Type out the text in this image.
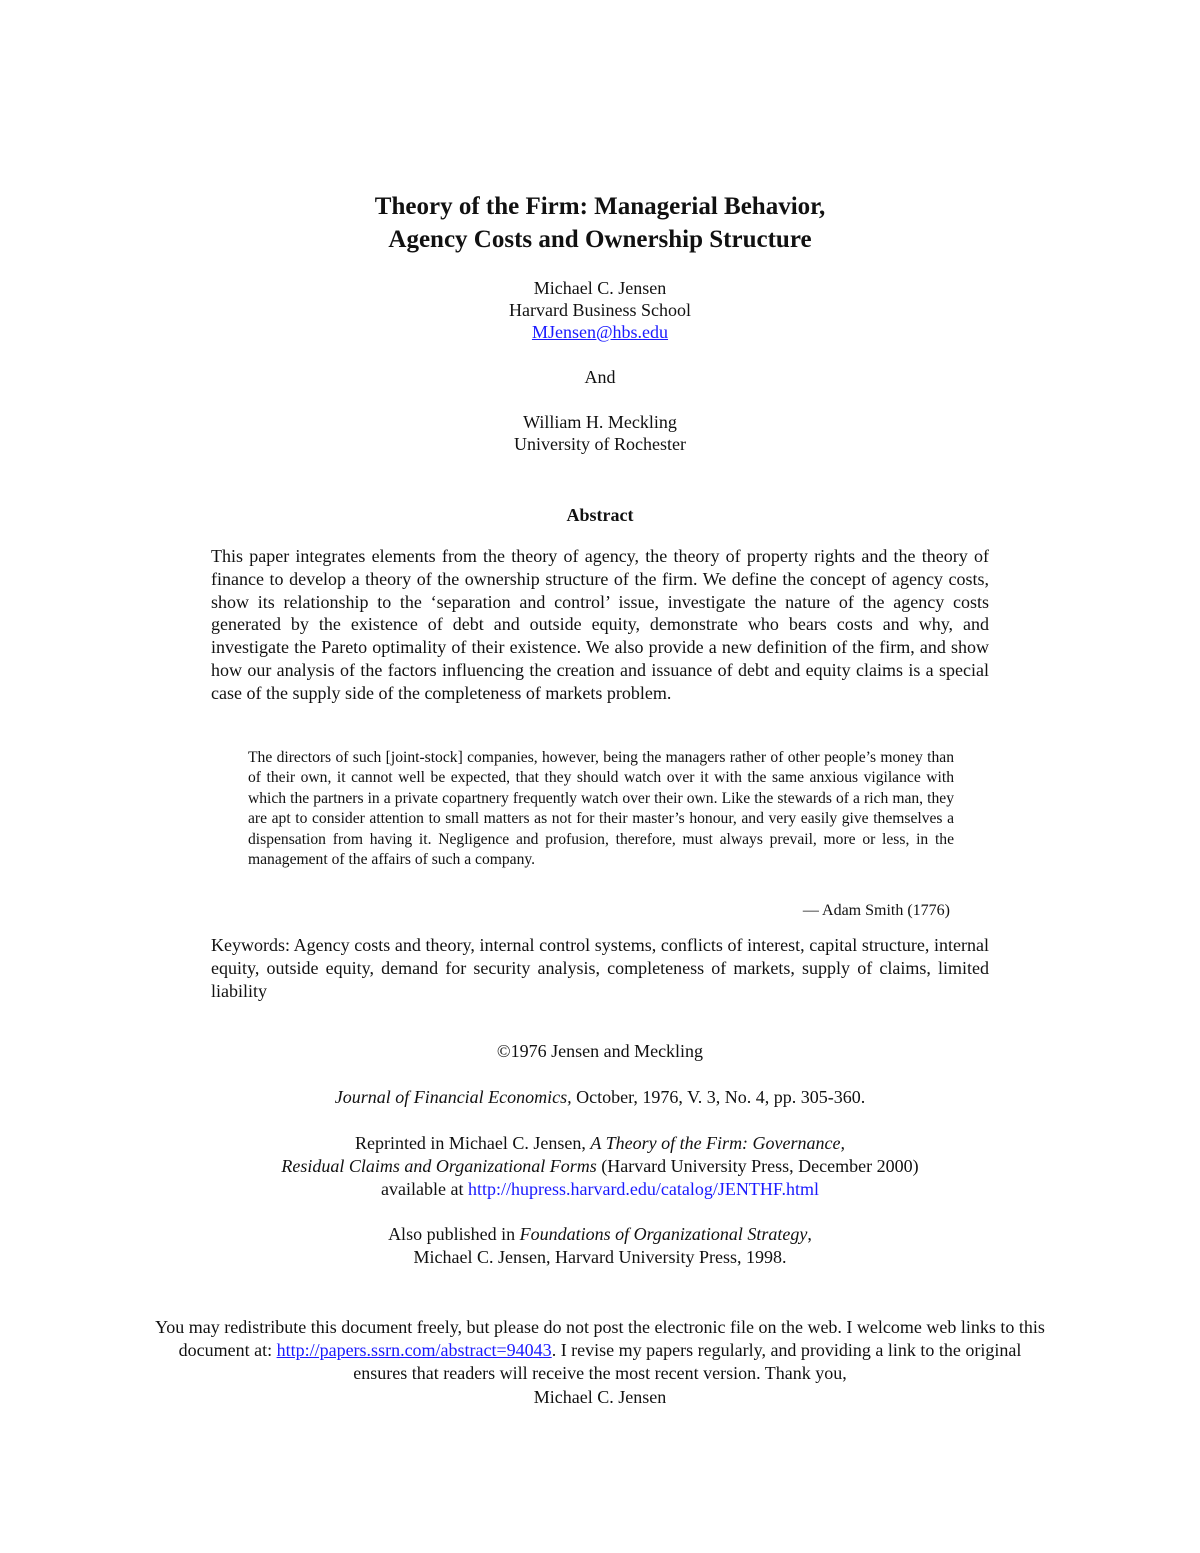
Theory of the Firm: Managerial Behavior,
Agency Costs and Ownership Structure
Michael C. Jensen
Harvard Business School
MJensen@hbs.edu
And
William H. Meckling
University of Rochester
Abstract
This paper integrates elements from the theory of agency, the theory of property rights and the theory of finance to develop a theory of the ownership structure of the firm. We define the concept of agency costs, show its relationship to the ‘separation and control’ issue, investigate the nature of the agency costs generated by the existence of debt and outside equity, demonstrate who bears costs and why, and investigate the Pareto optimality of their existence. We also provide a new definition of the firm, and show how our analysis of the factors influencing the creation and issuance of debt and equity claims is a special case of the supply side of the completeness of markets problem.
The directors of such [joint-stock] companies, however, being the managers rather of other people’s money than of their own, it cannot well be expected, that they should watch over it with the same anxious vigilance with which the partners in a private copartnery frequently watch over their own. Like the stewards of a rich man, they are apt to consider attention to small matters as not for their master’s honour, and very easily give themselves a dispensation from having it. Negligence and profusion, therefore, must always prevail, more or less, in the management of the affairs of such a company.
— Adam Smith (1776)
Keywords: Agency costs and theory, internal control systems, conflicts of interest, capital structure, internal equity, outside equity, demand for security analysis, completeness of markets, supply of claims, limited liability
©1976 Jensen and Meckling
Journal of Financial Economics, October, 1976, V. 3, No. 4, pp. 305-360.
Reprinted in Michael C. Jensen, A Theory of the Firm: Governance,
Residual Claims and Organizational Forms (Harvard University Press, December 2000)
available at http://hupress.harvard.edu/catalog/JENTHF.html
Also published in Foundations of Organizational Strategy,
Michael C. Jensen, Harvard University Press, 1998.
You may redistribute this document freely, but please do not post the electronic file on the web. I welcome web links to this document at: http://papers.ssrn.com/abstract=94043. I revise my papers regularly, and providing a link to the original ensures that readers will receive the most recent version. Thank you,
Michael C. Jensen
